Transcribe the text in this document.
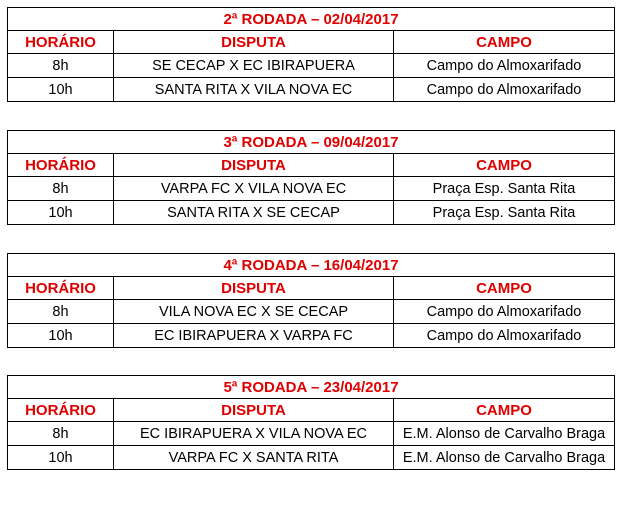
2ª RODADA – 02/04/2017		
HORÁRIO	DISPUTA	CAMPO
8h	SE CECAP X EC IBIRAPUERA	Campo do Almoxarifado
10h	SANTA RITA X VILA NOVA EC	Campo do Almoxarifado
3ª RODADA – 09/04/2017		
HORÁRIO	DISPUTA	CAMPO
8h	VARPA FC X VILA NOVA EC	Praça Esp. Santa Rita
10h	SANTA RITA X SE CECAP	Praça Esp. Santa Rita
4ª RODADA – 16/04/2017		
HORÁRIO	DISPUTA	CAMPO
8h	VILA NOVA EC X SE CECAP	Campo do Almoxarifado
10h	EC IBIRAPUERA X VARPA FC	Campo do Almoxarifado
5ª RODADA – 23/04/2017		
HORÁRIO	DISPUTA	CAMPO
8h	EC IBIRAPUERA X VILA NOVA EC	E.M. Alonso de Carvalho Braga
10h	VARPA FC X SANTA RITA	E.M. Alonso de Carvalho Braga
